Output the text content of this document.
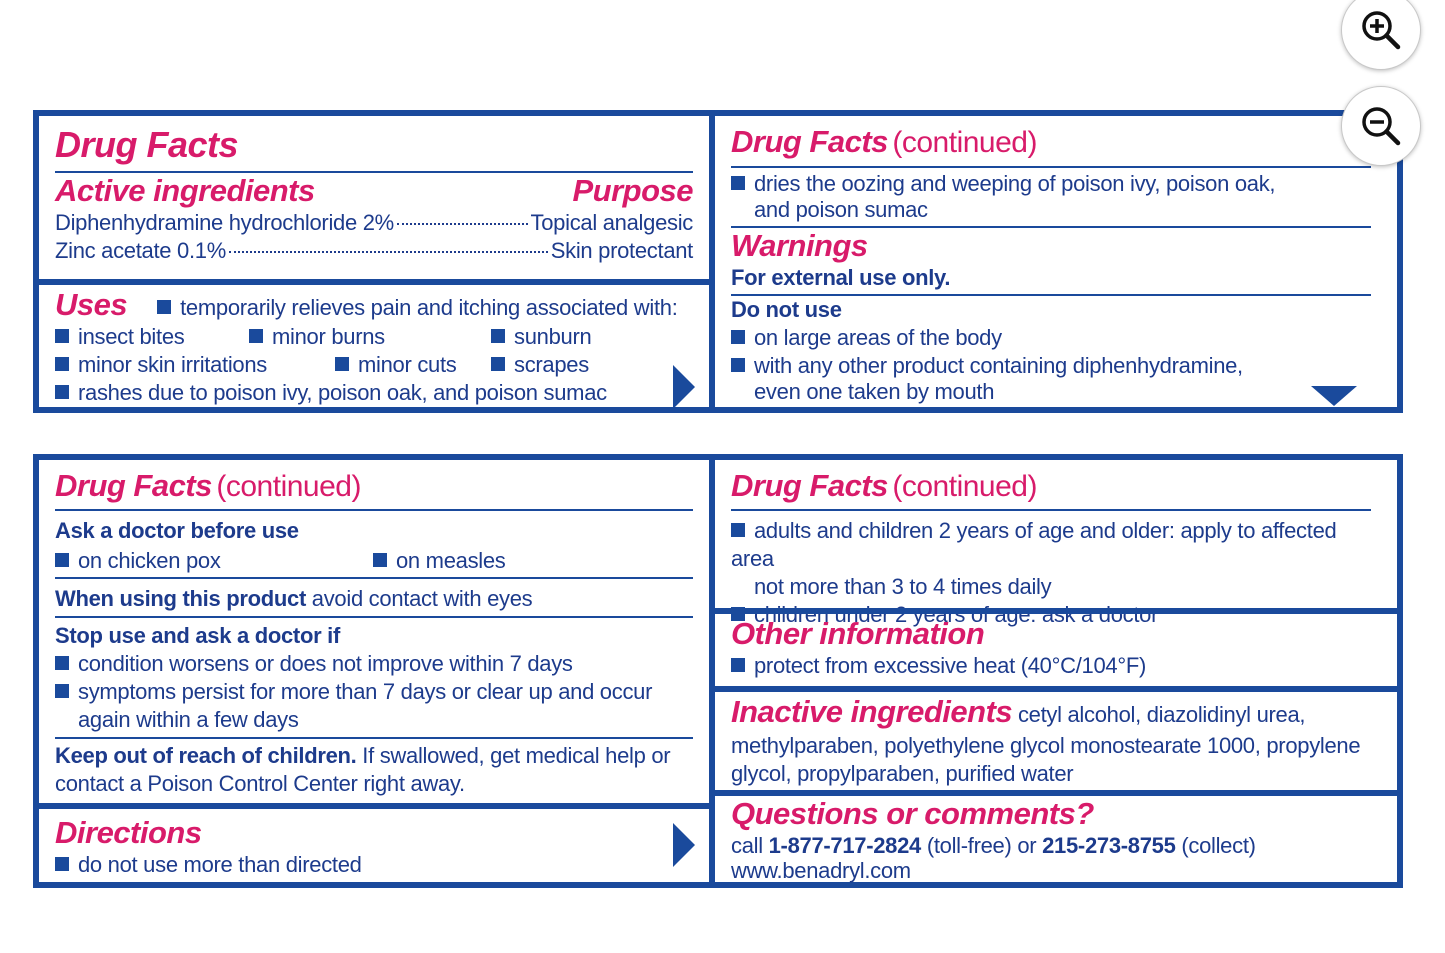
Drug Facts
Active ingredients	Purpose
Diphenhydramine hydrochloride 2%	Topical analgesic
Zinc acetate 0.1%	Skin protectant
Uses	temporarily relieves pain and itching associated with:
insect bites	minor burns	sunburn
minor skin irritations	minor cuts	scrapes
rashes due to poison ivy, poison oak, and poison sumac
Drug Facts (continued)
dries the oozing and weeping of poison ivy, poison oak,
and poison sumac
Warnings
For external use only.
Do not use
on large areas of the body
with any other product containing diphenhydramine,
even one taken by mouth
Drug Facts (continued)
Ask a doctor before use
on chicken pox	on measles
When using this product avoid contact with eyes
Stop use and ask a doctor if
condition worsens or does not improve within 7 days
symptoms persist for more than 7 days or clear up and occur
again within a few days
Keep out of reach of children. If swallowed, get medical help or
contact a Poison Control Center right away.
Directions
do not use more than directed
Drug Facts (continued)
adults and children 2 years of age and older: apply to affected area
not more than 3 to 4 times daily
children under 2 years of age: ask a doctor
Other information
protect from excessive heat (40°C/104°F)
Inactive ingredients cetyl alcohol, diazolidinyl urea,
methylparaben, polyethylene glycol monostearate 1000, propylene
glycol, propylparaben, purified water
Questions or comments?
call 1-877-717-2824 (toll-free) or 215-273-8755 (collect)
www.benadryl.com
